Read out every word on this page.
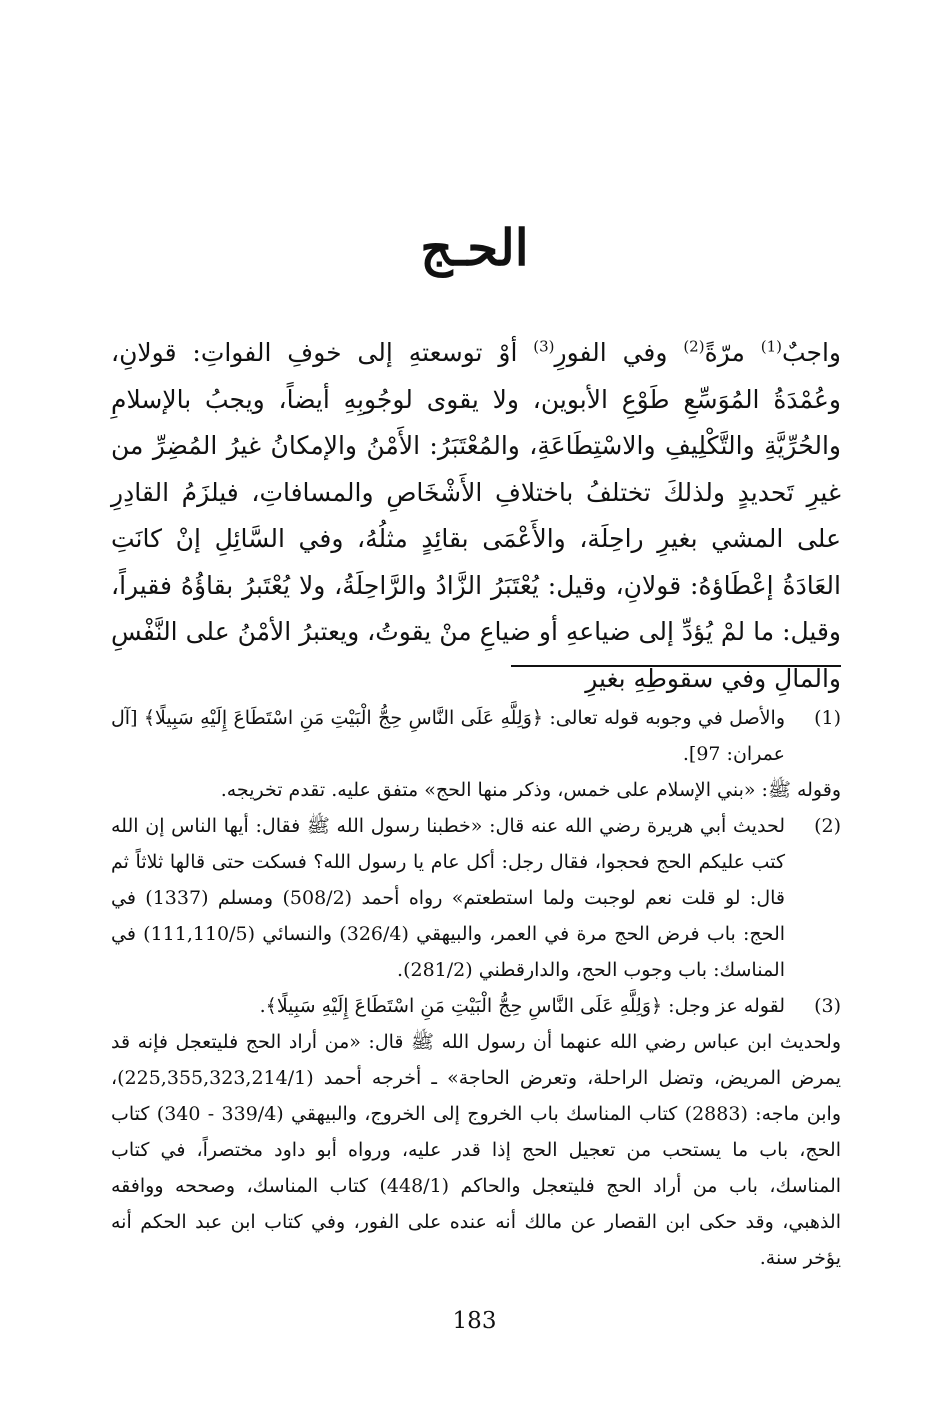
الحـج

واجبٌ$^{(1)}$ مرّةً$^{(2)}$ وفي الفورِ$^{(3)}$ أوْ توسعتهِ إلى خوفِ الفواتِ: قولانِ، وعُمْدَةُ المُوَسِّعِ طَوْعِ الأبوين، ولا يقوى لوجُوبِهِ أيضاً، ويجبُ بالإسلامِ والحُرِّيَّةِ والتَّكْلِيفِ والاسْتِطَاعَةِ، والمُعْتَبَرُ: الأَمْنُ والإمكانُ غيرُ المُضِرِّ من غيرِ تَحديدٍ ولذلكَ تختلفُ باختلافِ الأَشْخَاصِ والمسافاتِ، فيلزَمُ القادِرِ على المشي بغيرِ راحِلَة، والأَعْمَى بقائِدٍ مثلُهُ، وفي السَّائِلِ إنْ كانَتِ العَادَةُ إعْطَاؤهُ: قولانِ، وقيل: يُعْتَبَرُ الزَّادُ والرَّاحِلَةُ، ولا يُعْتَبرُ بقاؤُهُ فقيراً، وقيل: ما لمْ يُؤدِّ إلى ضياعهِ أو ضياعِ منْ يقوتُ، ويعتبرُ الأمْنُ على النَّفْسِ والمالِ وفي سقوطِهِ بغيرِ

(1)
والأصل في وجوبه قوله تعالى: ﴿وَلِلَّهِ عَلَى النَّاسِ حِجُّ الْبَيْتِ مَنِ اسْتَطَاعَ إِلَيْهِ سَبِيلًا﴾ [آل عمران: 97].

وقوله ﷺ: «بني الإسلام على خمس، وذكر منها الحج» متفق عليه. تقدم تخريجه.

(2)
لحديث أبي هريرة رضي الله عنه قال: «خطبنا رسول الله ﷺ فقال: أيها الناس إن الله كتب عليكم الحج فحجوا، فقال رجل: أكل عام يا رسول الله؟ فسكت حتى قالها ثلاثاً ثم قال: لو قلت نعم لوجبت ولما استطعتم» رواه أحمد (508/2) ومسلم (1337) في الحج: باب فرض الحج مرة في العمر، والبيهقي (326/4) والنسائي (111,110/5) في المناسك: باب وجوب الحج، والدارقطني (281/2).

(3)
لقوله عز وجل: ﴿وَلِلَّهِ عَلَى النَّاسِ حِجُّ الْبَيْتِ مَنِ اسْتَطَاعَ إِلَيْهِ سَبِيلًا﴾.

ولحديث ابن عباس رضي الله عنهما أن رسول الله ﷺ قال: «من أراد الحج فليتعجل فإنه قد يمرض المريض، وتضل الراحلة، وتعرض الحاجة» ـ أخرجه أحمد (225,355,323,214/1)، وابن ماجه: (2883) كتاب المناسك باب الخروج إلى الخروج، والبيهقي (339/4 - 340) كتاب الحج، باب ما يستحب من تعجيل الحج إذا قدر عليه، ورواه أبو داود مختصراً، في كتاب المناسك، باب من أراد الحج فليتعجل والحاكم (448/1) كتاب المناسك، وصححه ووافقه الذهبي، وقد حكى ابن القصار عن مالك أنه عنده على الفور، وفي كتاب ابن عبد الحكم أنه يؤخر سنة.

183
